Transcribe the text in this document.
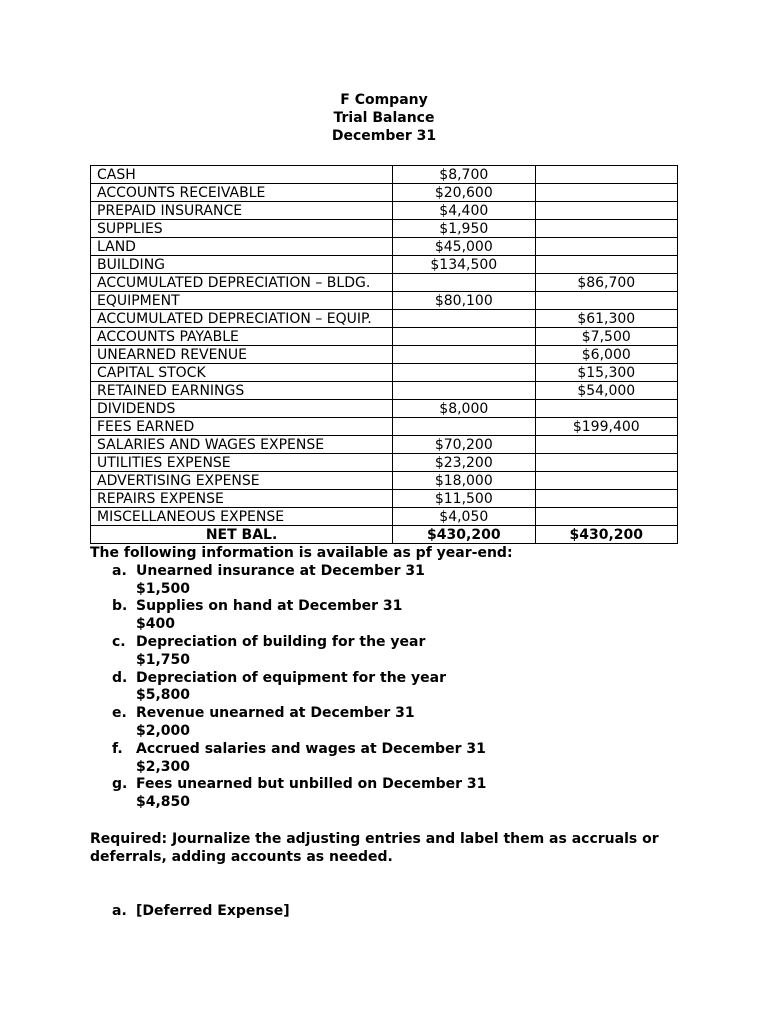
F Company
Trial Balance
December 31
CASH	$8,700	
ACCOUNTS RECEIVABLE	$20,600	
PREPAID INSURANCE	$4,400	
SUPPLIES	$1,950	
LAND	$45,000	
BUILDING	$134,500	
ACCUMULATED DEPRECIATION – BLDG.		$86,700
EQUIPMENT	$80,100	
ACCUMULATED DEPRECIATION – EQUIP.		$61,300
ACCOUNTS PAYABLE		$7,500
UNEARNED REVENUE		$6,000
CAPITAL STOCK		$15,300
RETAINED EARNINGS		$54,000
DIVIDENDS	$8,000	
FEES EARNED		$199,400
SALARIES AND WAGES EXPENSE	$70,200	
UTILITIES EXPENSE	$23,200	
ADVERTISING EXPENSE	$18,000	
REPAIRS EXPENSE	$11,500	
MISCELLANEOUS EXPENSE	$4,050	
NET BAL.	$430,200	$430,200
The following information is available as pf year-end:
a. Unearned insurance at December 31
$1,500
b. Supplies on hand at December 31
$400
c. Depreciation of building for the year
$1,750
d. Depreciation of equipment for the year
$5,800
e. Revenue unearned at December 31
$2,000
f. Accrued salaries and wages at December 31
$2,300
g. Fees unearned but unbilled on December 31
$4,850
Required: Journalize the adjusting entries and label them as accruals or deferrals, adding accounts as needed.
a. [Deferred Expense]
